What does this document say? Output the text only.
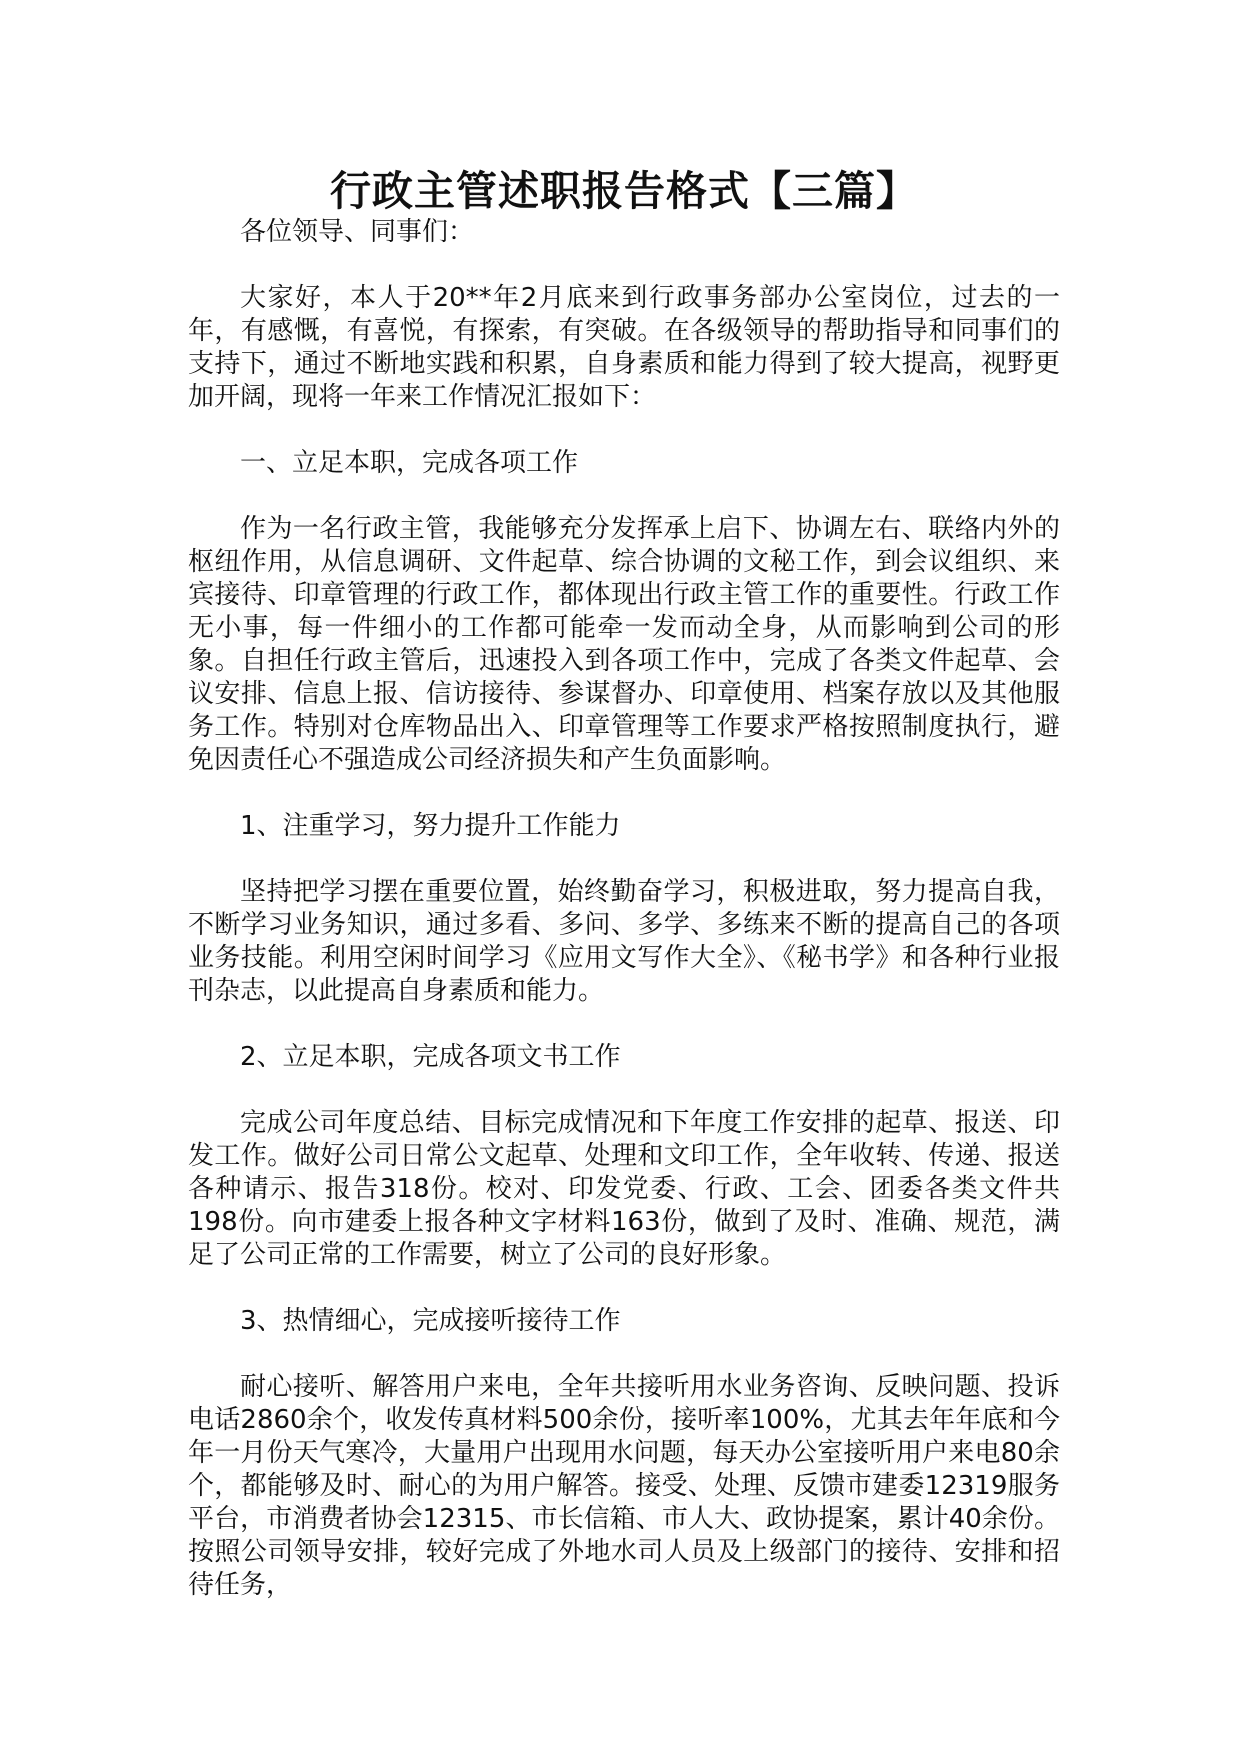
行政主管述职报告格式【三篇】

各位领导、同事们：

大家好，本人于20**年2月底来到行政事务部办公室岗位，过去的一年，有感慨，有喜悦，有探索，有突破。在各级领导的帮助指导和同事们的支持下，通过不断地实践和积累，自身素质和能力得到了较大提高，视野更加开阔，现将一年来工作情况汇报如下：

一、立足本职，完成各项工作

作为一名行政主管，我能够充分发挥承上启下、协调左右、联络内外的枢纽作用，从信息调研、文件起草、综合协调的文秘工作，到会议组织、来宾接待、印章管理的行政工作，都体现出行政主管工作的重要性。行政工作无小事，每一件细小的工作都可能牵一发而动全身，从而影响到公司的形象。自担任行政主管后，迅速投入到各项工作中，完成了各类文件起草、会议安排、信息上报、信访接待、参谋督办、印章使用、档案存放以及其他服务工作。特别对仓库物品出入、印章管理等工作要求严格按照制度执行，避免因责任心不强造成公司经济损失和产生负面影响。

1、注重学习，努力提升工作能力

坚持把学习摆在重要位置，始终勤奋学习，积极进取，努力提高自我，不断学习业务知识，通过多看、多问、多学、多练来不断的提高自己的各项业务技能。利用空闲时间学习《应用文写作大全》、《秘书学》和各种行业报刊杂志，以此提高自身素质和能力。

2、立足本职，完成各项文书工作

完成公司年度总结、目标完成情况和下年度工作安排的起草、报送、印发工作。做好公司日常公文起草、处理和文印工作，全年收转、传递、报送各种请示、报告318份。校对、印发党委、行政、工会、团委各类文件共198份。向市建委上报各种文字材料163份，做到了及时、准确、规范，满足了公司正常的工作需要，树立了公司的良好形象。

3、热情细心，完成接听接待工作

耐心接听、解答用户来电，全年共接听用水业务咨询、反映问题、投诉电话2860余个，收发传真材料500余份，接听率100%，尤其去年年底和今年一月份天气寒冷，大量用户出现用水问题，每天办公室接听用户来电80余个，都能够及时、耐心的为用户解答。接受、处理、反馈市建委12319服务平台，市消费者协会12315、市长信箱、市人大、政协提案，累计40余份。按照公司领导安排，较好完成了外地水司人员及上级部门的接待、安排和招待任务，
